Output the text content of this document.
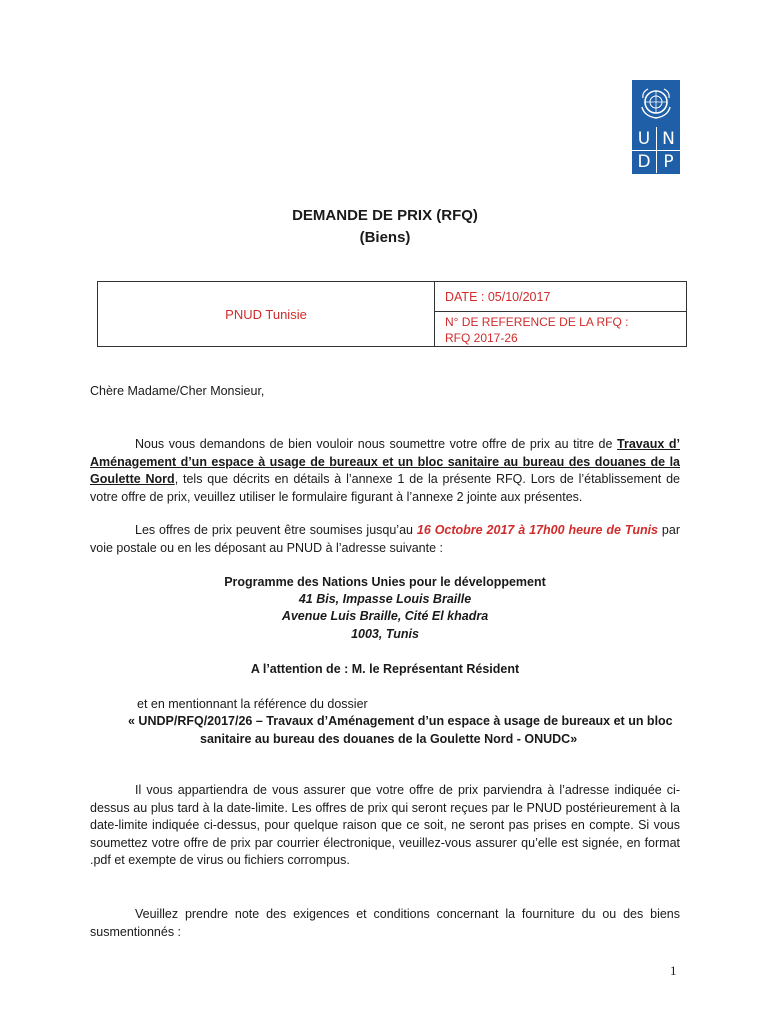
U N
D P
DEMANDE DE PRIX (RFQ)
(Biens)
PNUD Tunisie
DATE : 05/10/2017
N° DE REFERENCE DE LA RFQ :
RFQ 2017-26
Chère Madame/Cher Monsieur,
Nous vous demandons de bien vouloir nous soumettre votre offre de prix au titre de Travaux d’ Aménagement d’un espace à usage de bureaux et un bloc sanitaire au bureau des douanes de la Goulette Nord, tels que décrits en détails à l’annexe 1 de la présente RFQ. Lors de l’établissement de votre offre de prix, veuillez utiliser le formulaire figurant à l’annexe 2 jointe aux présentes.
Les offres de prix peuvent être soumises jusqu’au 16 Octobre 2017 à 17h00 heure de Tunis par voie postale ou en les déposant au PNUD à l’adresse suivante :
Programme des Nations Unies pour le développement
41 Bis, Impasse Louis Braille
Avenue Luis Braille, Cité El khadra
1003, Tunis
A l’attention de : M. le Représentant Résident
et en mentionnant la référence du dossier
« UNDP/RFQ/2017/26 – Travaux d’Aménagement d’un espace à usage de bureaux et un bloc
sanitaire au bureau des douanes de la Goulette Nord - ONUDC»
Il vous appartiendra de vous assurer que votre offre de prix parviendra à l’adresse indiquée ci-dessus au plus tard à la date-limite. Les offres de prix qui seront reçues par le PNUD postérieurement à la date-limite indiquée ci-dessus, pour quelque raison que ce soit, ne seront pas prises en compte. Si vous soumettez votre offre de prix par courrier électronique, veuillez-vous assurer qu’elle est signée, en format .pdf et exempte de virus ou fichiers corrompus.
Veuillez prendre note des exigences et conditions concernant la fourniture du ou des biens susmentionnés :
1
